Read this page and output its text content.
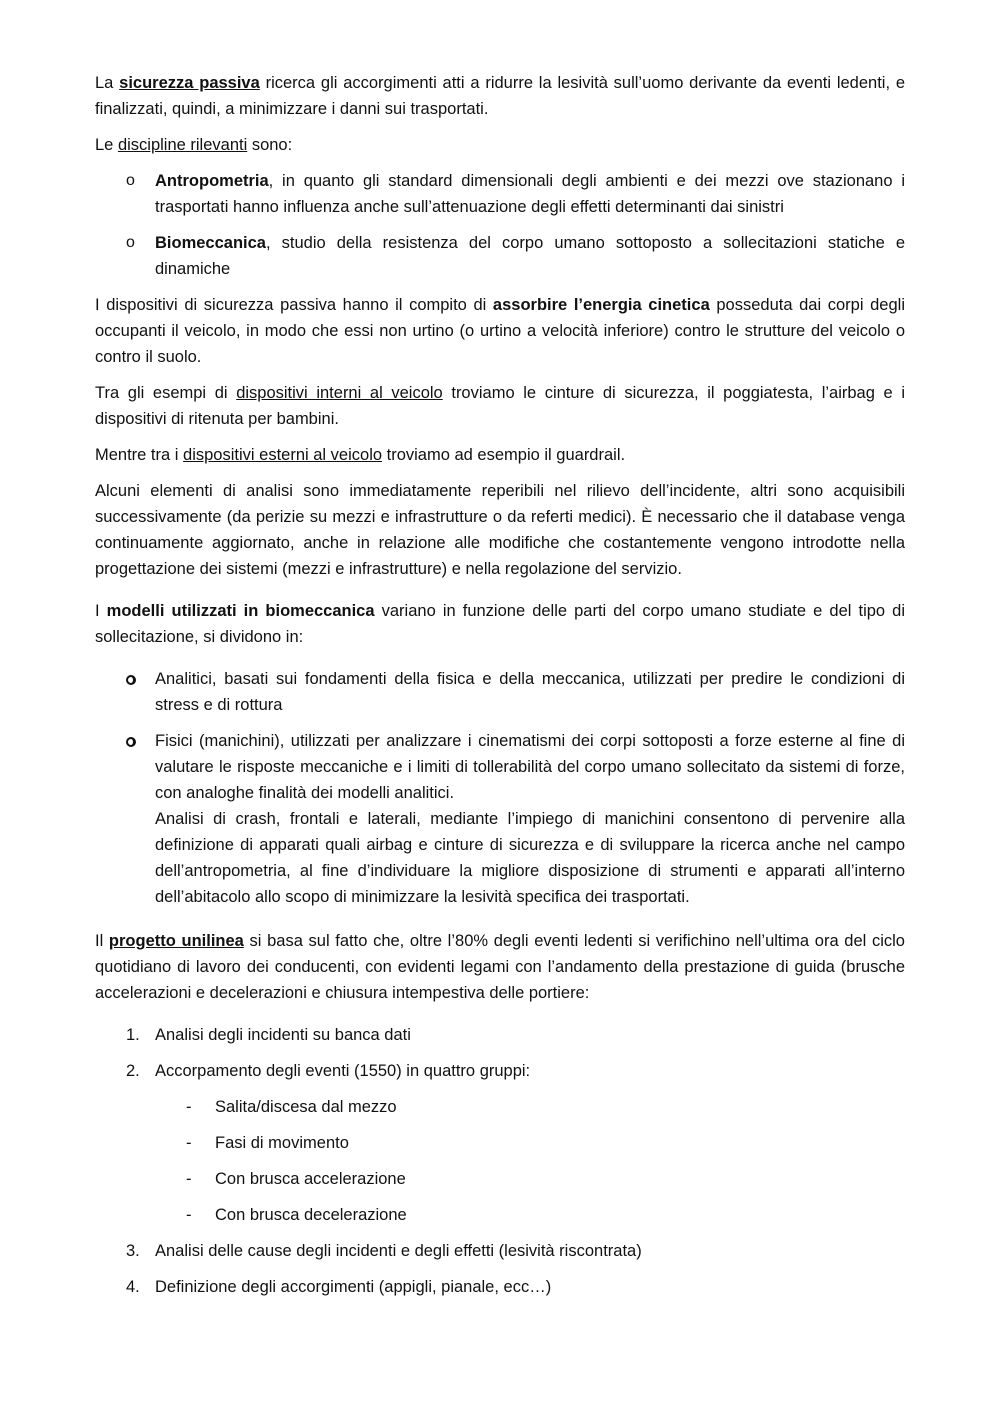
La sicurezza passiva ricerca gli accorgimenti atti a ridurre la lesività sull’uomo derivante da eventi ledenti, e finalizzati, quindi, a minimizzare i danni sui trasportati.

Le discipline rilevanti sono:

o Antropometria, in quanto gli standard dimensionali degli ambienti e dei mezzi ove stazionano i trasportati hanno influenza anche sull’attenuazione degli effetti determinanti dai sinistri

o Biomeccanica, studio della resistenza del corpo umano sottoposto a sollecitazioni statiche e dinamiche

I dispositivi di sicurezza passiva hanno il compito di assorbire l’energia cinetica posseduta dai corpi degli occupanti il veicolo, in modo che essi non urtino (o urtino a velocità inferiore) contro le strutture del veicolo o contro il suolo.

Tra gli esempi di dispositivi interni al veicolo troviamo le cinture di sicurezza, il poggiatesta, l’airbag e i dispositivi di ritenuta per bambini.

Mentre tra i dispositivi esterni al veicolo troviamo ad esempio il guardrail.

Alcuni elementi di analisi sono immediatamente reperibili nel rilievo dell’incidente, altri sono acquisibili successivamente (da perizie su mezzi e infrastrutture o da referti medici). È necessario che il database venga continuamente aggiornato, anche in relazione alle modifiche che costantemente vengono introdotte nella progettazione dei sistemi (mezzi e infrastrutture) e nella regolazione del servizio.

I modelli utilizzati in biomeccanica variano in funzione delle parti del corpo umano studiate e del tipo di sollecitazione, si dividono in:

Analitici, basati sui fondamenti della fisica e della meccanica, utilizzati per predire le condizioni di stress e di rottura

Fisici (manichini), utilizzati per analizzare i cinematismi dei corpi sottoposti a forze esterne al fine di valutare le risposte meccaniche e i limiti di tollerabilità del corpo umano sollecitato da sistemi di forze, con analoghe finalità dei modelli analitici.
Analisi di crash, frontali e laterali, mediante l’impiego di manichini consentono di pervenire alla definizione di apparati quali airbag e cinture di sicurezza e di sviluppare la ricerca anche nel campo dell’antropometria, al fine d’individuare la migliore disposizione di strumenti e apparati all’interno dell’abitacolo allo scopo di minimizzare la lesività specifica dei trasportati.

Il progetto unilinea si basa sul fatto che, oltre l’80% degli eventi ledenti si verifichino nell’ultima ora del ciclo quotidiano di lavoro dei conducenti, con evidenti legami con l’andamento della prestazione di guida (brusche accelerazioni e decelerazioni e chiusura intempestiva delle portiere:

1. Analisi degli incidenti su banca dati

2. Accorpamento degli eventi (1550) in quattro gruppi:

- Salita/discesa dal mezzo
- Fasi di movimento
- Con brusca accelerazione
- Con brusca decelerazione
3. Analisi delle cause degli incidenti e degli effetti (lesività riscontrata)

4. Definizione degli accorgimenti (appigli, pianale, ecc…)
